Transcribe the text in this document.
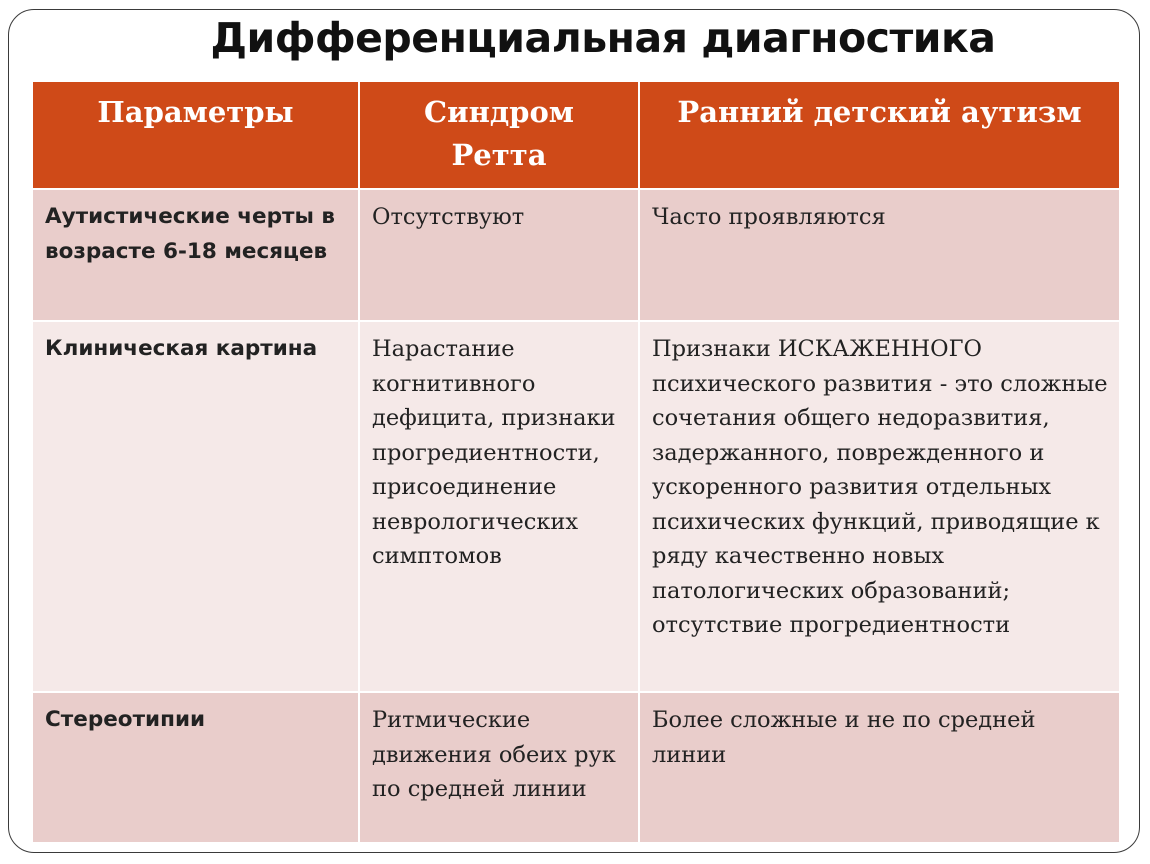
Дифференциальная диагностика
Параметры	Синдром Ретта	Ранний детский аутизм
Аутистические черты в возрасте 6-18 месяцев	Отсутствуют	Часто проявляются
Клиническая картина	Нарастание когнитивного дефицита, признаки прогредиентности, присоединение неврологических симптомов	Признаки ИСКАЖЕННОГО психического развития - это сложные сочетания общего недоразвития, задержанного, поврежденного и ускоренного развития отдельных психических функций, приводящие к ряду качественно новых патологических образований; отсутствие прогредиентности
Стереотипии	Ритмические движения обеих рук по средней линии	Более сложные и не по средней линии
